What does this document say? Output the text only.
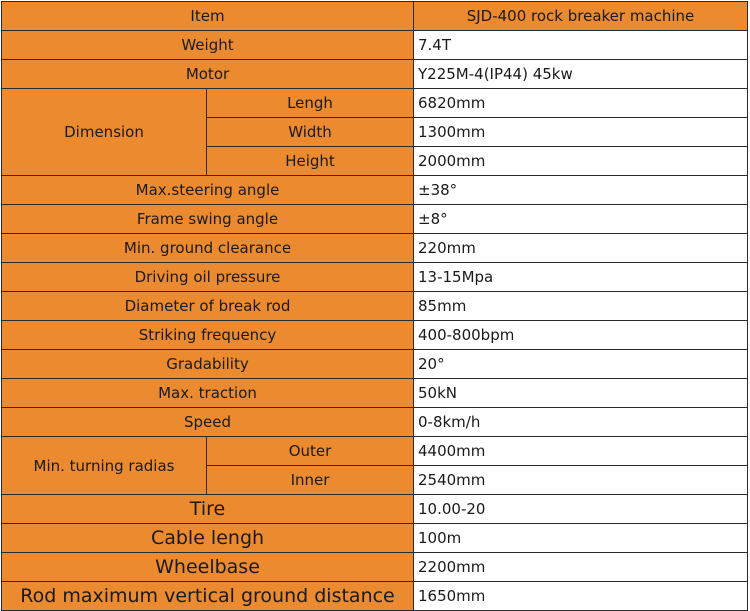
Item		SJD-400 rock breaker machine
Weight		7.4T
Motor		Y225M-4(IP44) 45kw
Dimension	Lengh	6820mm
	Width	1300mm
	Height	2000mm
Max.steering angle		±38°
Frame swing angle		±8°
Min. ground clearance		220mm
Driving oil pressure		13-15Mpa
Diameter of break rod		85mm
Striking frequency		400-800bpm
Gradability		20°
Max. traction		50kN
Speed		0-8km/h
Min. turning radias	Outer	4400mm
	Inner	2540mm
Tire		10.00-20
Cable lengh		100m
Wheelbase		2200mm
Rod maximum vertical ground distance		1650mm
